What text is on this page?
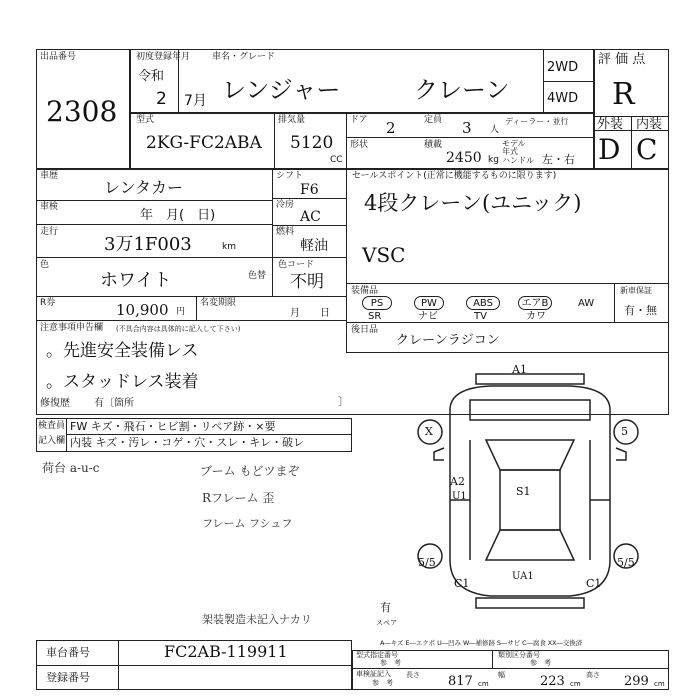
出品番号
2308
初度登録年月
令和
2 7月
車名・グレード
レンジャー	クレーン
2WD
4WD
評 価 点
R
外装 内装
D C
型式
2KG-FC2ABA
排気量
5120
CC
ドア 2	定員 3 人
ディーラー・並行
形状	積載
2450 kg
モデル年式
ハンドル 左・右
車歴
レンタカー
車検
年　月(　日)
走行
3万1F003	km
シフト
F6
冷房
AC
燃料
軽油
色
ホワイト	色替
色コード
不明
R券	10,900 円
名変期限
月　　日
セールスポイント(正常に機能するものに限ります)
4段クレーン(ユニック)
VSC
装備品
PS	PW	ABS	エアB	AW
SR	ナビ	TV	カワ
新車保証
有・無
後日品
クレーンラジコン
注意事項申告欄 (不具合内容は具体的に記入して下さい)
。先進安全装備レス
。スタッドレス装着
修復歴 有〔箇所	〕
検査員
記入欄
FW キズ・飛石・ヒビ割・リペア跡・×要
内装 キズ・汚レ・コゲ・穴・スレ・キレ・破レ
荷台 a-u-c	ブーム もどツまぞ
Rフレーム 歪
フレーム フシュフ
架装製造未記入ナカリ
A1
X	5
A2
U1	S1
5/5	5/5
C1	C1
UA1
有
スペア
A―キズ E―エクボ U―凹み W―補修跡 S―サビ C―腐食 XX―交換済
車台番号	FC2AB-119911
登録番号
型式指定番号
参　考
類別区分番号
参　考
車検証記入
参　考
長さ 817 cm
幅	223 cm
高さ 299 cm
